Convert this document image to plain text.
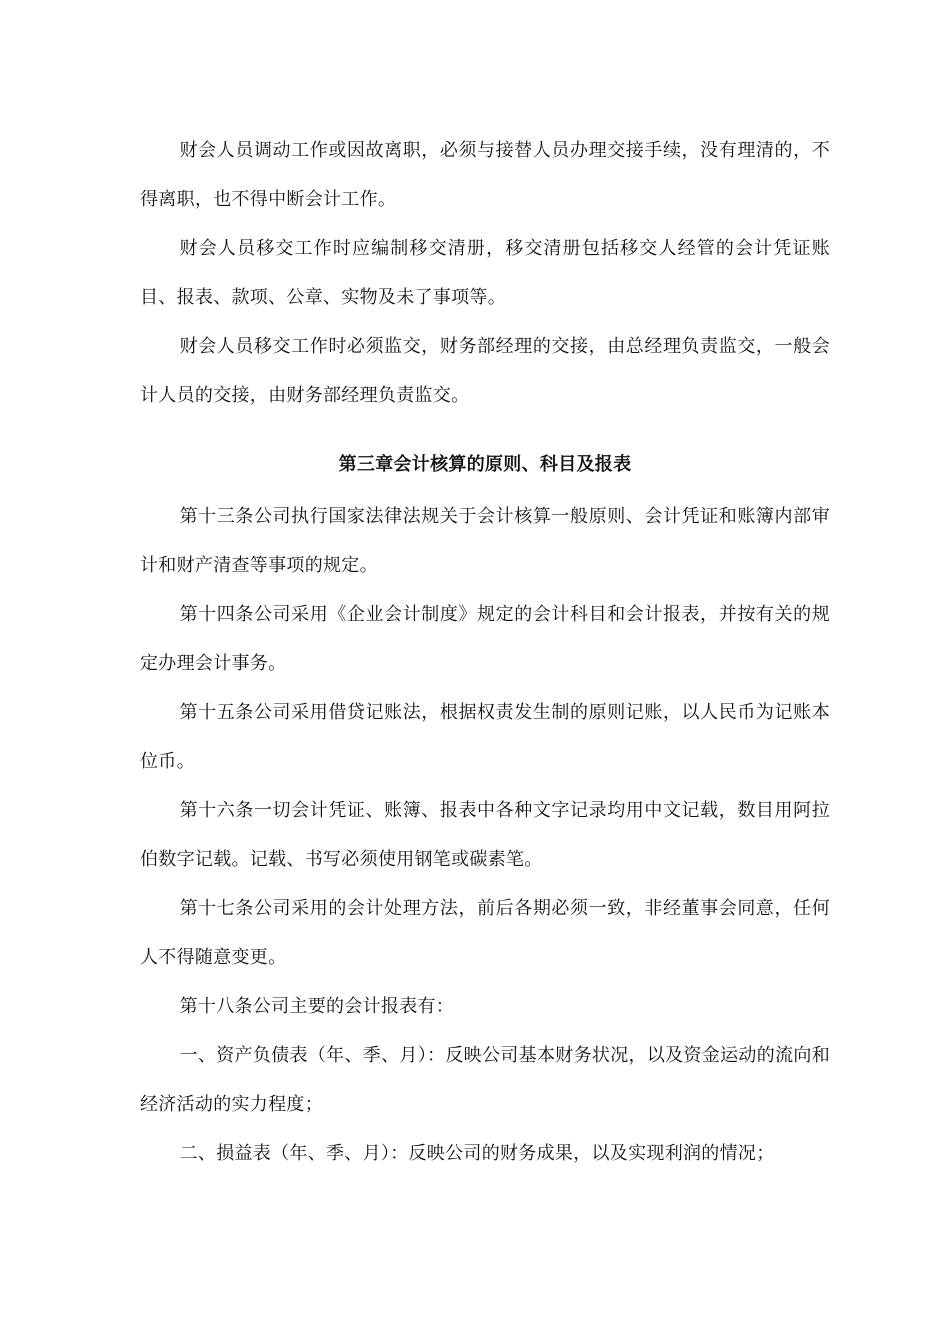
财会人员调动工作或因故离职，必须与接替人员办理交接手续，没有理清的，不得离职，也不得中断会计工作。

财会人员移交工作时应编制移交清册，移交清册包括移交人经管的会计凭证账目、报表、款项、公章、实物及未了事项等。

财会人员移交工作时必须监交，财务部经理的交接，由总经理负责监交，一般会计人员的交接，由财务部经理负责监交。

第三章会计核算的原则、科目及报表

第十三条公司执行国家法律法规关于会计核算一般原则、会计凭证和账簿内部审计和财产清查等事项的规定。

第十四条公司采用《企业会计制度》规定的会计科目和会计报表，并按有关的规定办理会计事务。

第十五条公司采用借贷记账法，根据权责发生制的原则记账，以人民币为记账本位币。

第十六条一切会计凭证、账簿、报表中各种文字记录均用中文记载，数目用阿拉伯数字记载。记载、书写必须使用钢笔或碳素笔。

第十七条公司采用的会计处理方法，前后各期必须一致，非经董事会同意，任何人不得随意变更。

第十八条公司主要的会计报表有：

一、资产负债表（年、季、月）：反映公司基本财务状况，以及资金运动的流向和经济活动的实力程度；

二、损益表（年、季、月）：反映公司的财务成果，以及实现利润的情况；
